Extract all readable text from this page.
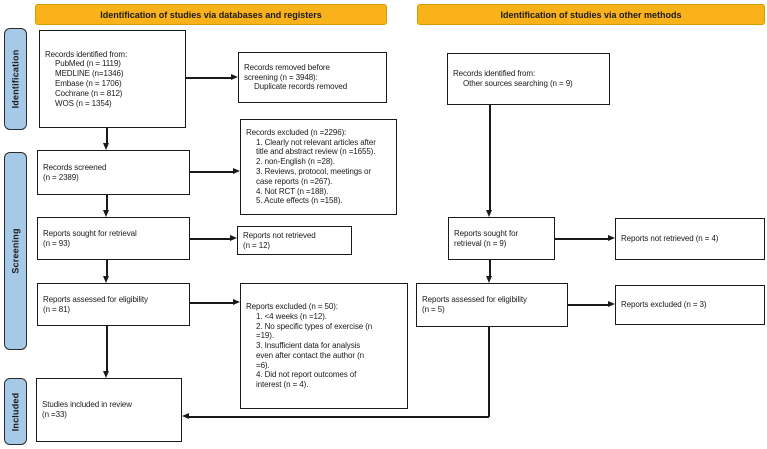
Identification of studies via databases and registers	Identification of studies via other methods
Identification
Screening
Included
Records identified from:
PubMed (n = 1119)
MEDLINE (n=1346)
Embase (n = 1706)
Cochrane (n = 812)
WOS (n = 1354)
Records screened
(n = 2389)
Reports sought for retrieval
(n = 93)
Reports assessed for eligibility
(n = 81)
Studies included in review
(n =33)
Records removed before
screening (n = 3948):
Duplicate records removed
Records excluded (n =2296):
1. Clearly not relevant articles after
title and abstract review (n =1655).
2. non-English (n =28).
3. Reviews, protocol, meetings or
case reports (n =267).
4. Not RCT (n =188).
5. Acute effects (n =158).
Reports not retrieved
(n = 12)
Reports excluded (n = 50):
1. <4 weeks (n =12).
2. No specific types of exercise (n
=19).
3. Insufficient data for analysis
even after contact the author (n
=6).
4. Did not report outcomes of
interest (n = 4).
Records identified from:
Other sources searching (n = 9)
Reports sought for
retrieval (n = 9)	Reports not retrieved (n = 4)
Reports assessed for eligibility
(n = 5)
Reports excluded (n = 3)
